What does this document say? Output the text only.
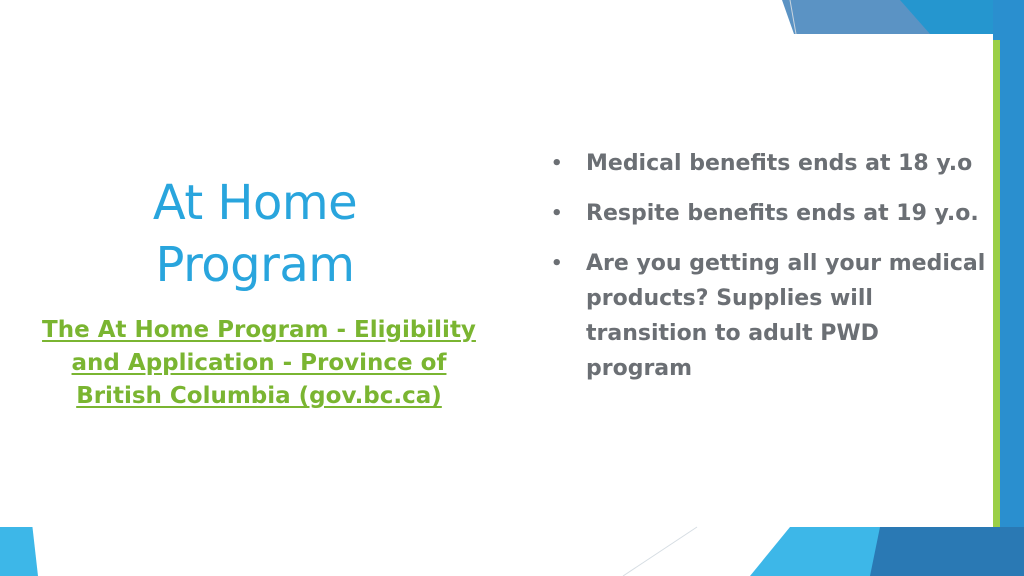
At Home Program
The At Home Program - Eligibility and Application - Province of British Columbia (gov.bc.ca)
• Medical benefits ends at 18 y.o
• Respite benefits ends at 19 y.o.
• Are you getting all your medical products? Supplies will transition to adult PWD program
